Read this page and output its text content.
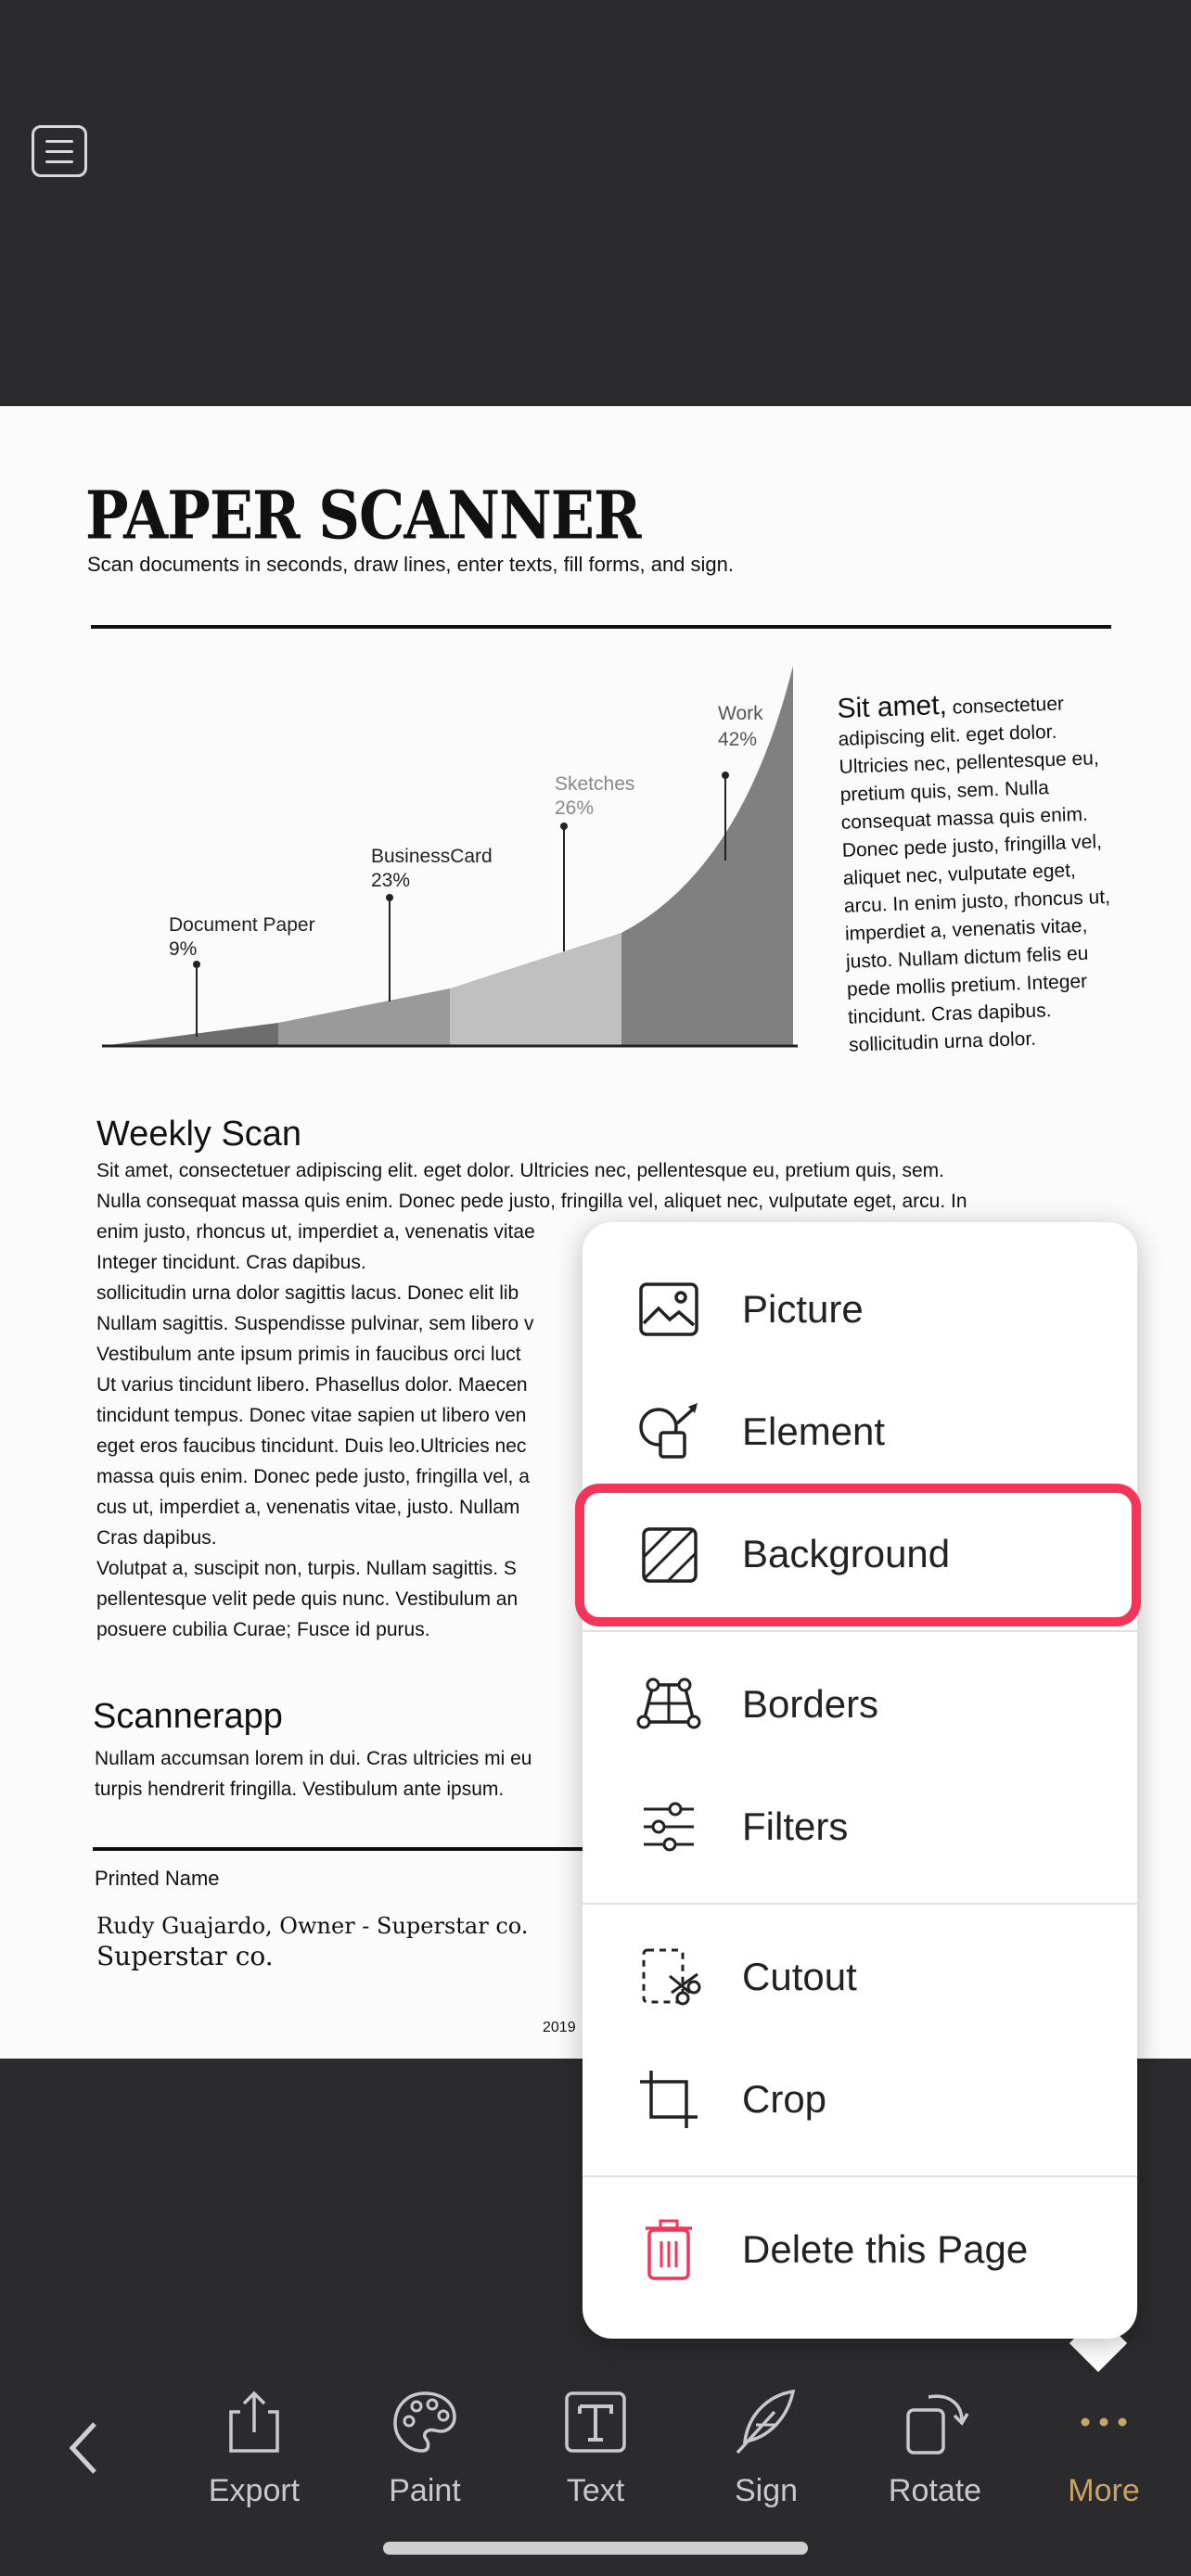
PAPER SCANNER
Scan documents in seconds, draw lines, enter texts, fill forms, and sign.
Document Paper
9%
BusinessCard
23%
Sketches
26%
Work
42%
Sit amet, consectetuer adipiscing elit. eget dolor. Ultricies nec, pellentesque eu, pretium quis, sem. Nulla consequat massa quis enim. Donec pede justo, fringilla vel, aliquet nec, vulputate eget, arcu. In enim justo, rhoncus ut, imperdiet a, venenatis vitae, justo. Nullam dictum felis eu pede mollis pretium. Integer tincidunt. Cras dapibus. sollicitudin urna dolor.
Weekly Scan
Sit amet, consectetuer adipiscing elit. eget dolor. Ultricies nec, pellentesque eu, pretium quis, sem.
Nulla consequat massa quis enim. Donec pede justo, fringilla vel, aliquet nec, vulputate eget, arcu. In
enim justo, rhoncus ut, imperdiet a, venenatis vitae
Integer tincidunt. Cras dapibus.
sollicitudin urna dolor sagittis lacus. Donec elit lib
Nullam sagittis. Suspendisse pulvinar, sem libero v
Vestibulum ante ipsum primis in faucibus orci luct
Ut varius tincidunt libero. Phasellus dolor. Maecen
tincidunt tempus. Donec vitae sapien ut libero ven
eget eros faucibus tincidunt. Duis leo.Ultricies nec
massa quis enim. Donec pede justo, fringilla vel, a
cus ut, imperdiet a, venenatis vitae, justo. Nullam
Cras dapibus.
Volutpat a, suscipit non, turpis. Nullam sagittis. S
pellentesque velit pede quis nunc. Vestibulum an
posuere cubilia Curae; Fusce id purus.
Scannerapp
Nullam accumsan lorem in dui. Cras ultricies mi eu
turpis hendrerit fringilla. Vestibulum ante ipsum.
Printed Name
Rudy Guajardo, Owner - Superstar co.
Superstar co.
2019
Picture
Element
Background
Borders
Filters
Cutout
Crop
Delete this Page
Export	Paint	Text	Sign	Rotate	More
